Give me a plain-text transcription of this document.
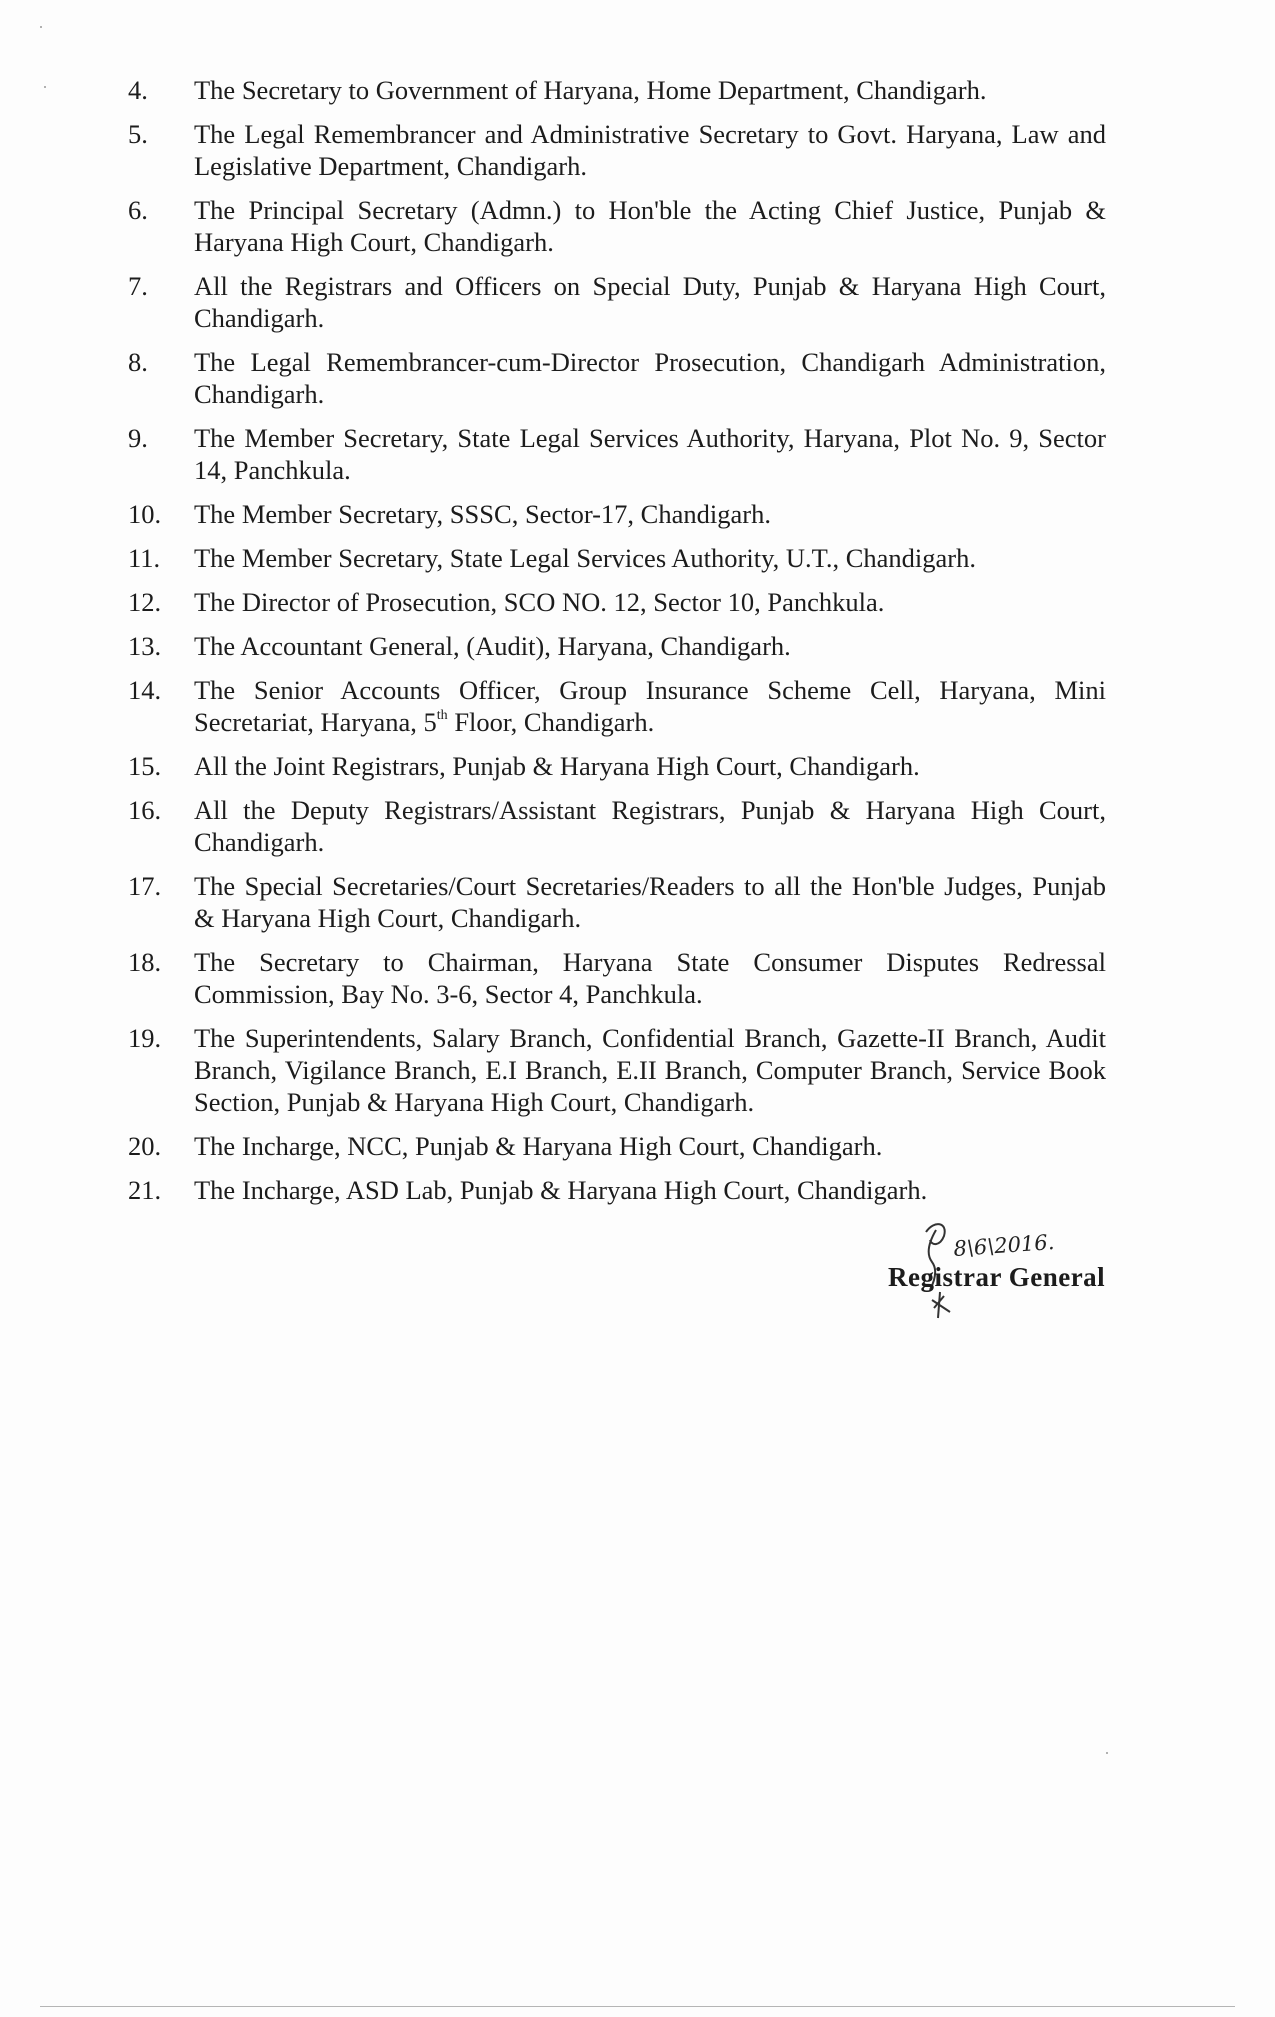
4.	The Secretary to Government of Haryana, Home Department, Chandigarh.
5.	The Legal Remembrancer and Administrative Secretary to Govt. Haryana, Law and Legislative Department, Chandigarh.
6.	The Principal Secretary (Admn.) to Hon'ble the Acting Chief Justice, Punjab & Haryana High Court, Chandigarh.
7.	All the Registrars and Officers on Special Duty, Punjab & Haryana High Court, Chandigarh.
8.	The Legal Remembrancer-cum-Director Prosecution, Chandigarh Administration, Chandigarh.
9.	The Member Secretary, State Legal Services Authority, Haryana, Plot No. 9, Sector 14, Panchkula.
10.	The Member Secretary, SSSC, Sector-17, Chandigarh.
11.	The Member Secretary, State Legal Services Authority, U.T., Chandigarh.
12.	The Director of Prosecution, SCO NO. 12, Sector 10, Panchkula.
13.	The Accountant General, (Audit), Haryana, Chandigarh.
14.	The Senior Accounts Officer, Group Insurance Scheme Cell, Haryana, Mini Secretariat, Haryana, 5th Floor, Chandigarh.
15.	All the Joint Registrars, Punjab & Haryana High Court, Chandigarh.
16.	All the Deputy Registrars/Assistant Registrars, Punjab & Haryana High Court, Chandigarh.
17.	The Special Secretaries/Court Secretaries/Readers to all the Hon'ble Judges, Punjab & Haryana High Court, Chandigarh.
18.	The Secretary to Chairman, Haryana State Consumer Disputes Redressal Commission, Bay No. 3-6, Sector 4, Panchkula.
19.	The Superintendents, Salary Branch, Confidential Branch, Gazette-II Branch, Audit Branch, Vigilance Branch, E.I Branch, E.II Branch, Computer Branch, Service Book Section, Punjab & Haryana High Court, Chandigarh.
20.	The Incharge, NCC, Punjab & Haryana High Court, Chandigarh.
21.	The Incharge, ASD Lab, Punjab & Haryana High Court, Chandigarh.
8\6\2016.
Registrar General
